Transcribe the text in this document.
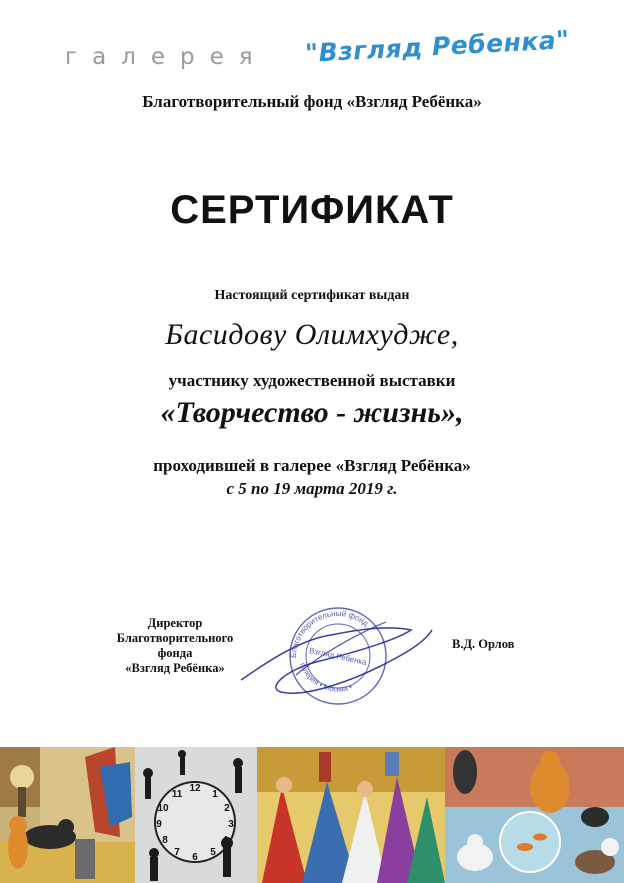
галерея "Взгляд Ребенка"
Благотворительный фонд «Взгляд Ребёнка»
СЕРТИФИКАТ
Настоящий сертификат выдан
Басидову Олимхудже,
участнику художественной выставки
«Творчество - жизнь»,
проходившей в галерее «Взгляд Ребёнка»
с 5 по 19 марта 2019 г.
Директор
Благотворительного фонда
«Взгляд Ребёнка»
Благотворительный фонд
Взгляд Ребенка
галерея • Москва •
В.Д. Орлов
12
1
2
3
5
6
7
8
9
10
11
